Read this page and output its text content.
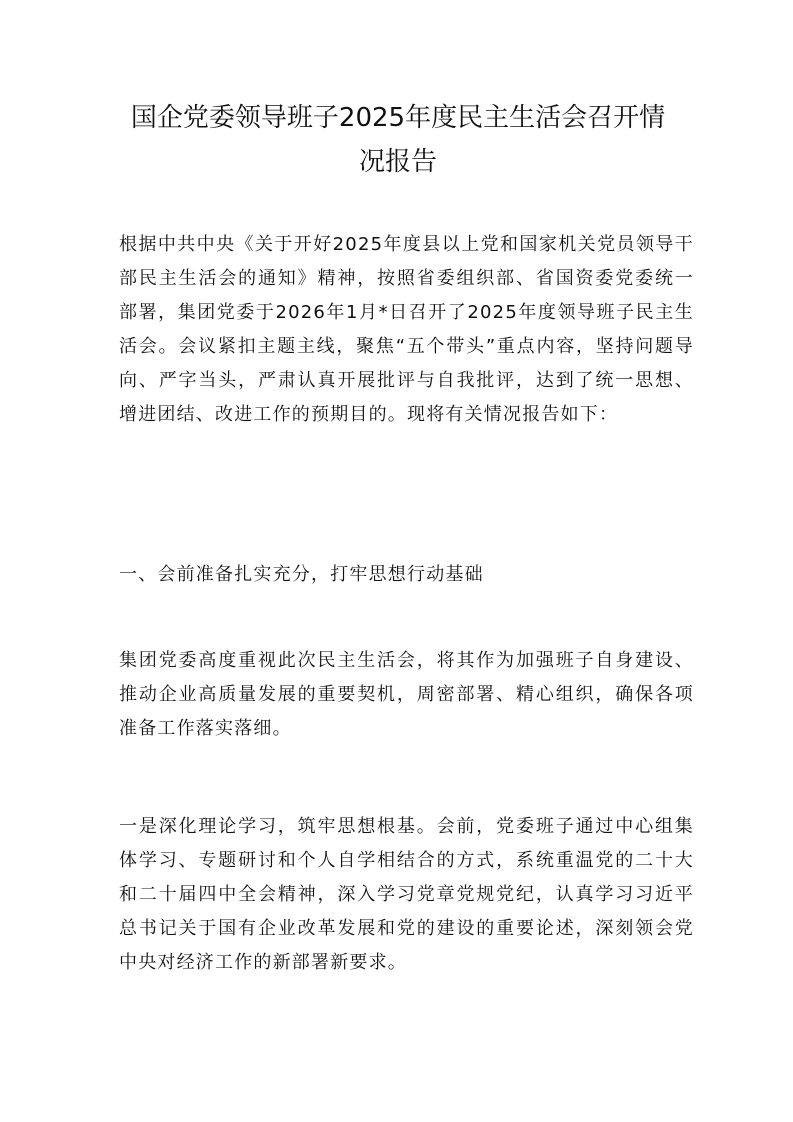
国企党委领导班子2025年度民主生活会召开情况报告

根据中共中央《关于开好2025年度县以上党和国家机关党员领导干部民主生活会的通知》精神，按照省委组织部、省国资委党委统一部署，集团党委于2026年1月*日召开了2025年度领导班子民主生活会。会议紧扣主题主线，聚焦“五个带头”重点内容，坚持问题导向、严字当头，严肃认真开展批评与自我批评，达到了统一思想、增进团结、改进工作的预期目的。现将有关情况报告如下：

一、会前准备扎实充分，打牢思想行动基础

集团党委高度重视此次民主生活会，将其作为加强班子自身建设、推动企业高质量发展的重要契机，周密部署、精心组织，确保各项准备工作落实落细。

一是深化理论学习，筑牢思想根基。会前，党委班子通过中心组集体学习、专题研讨和个人自学相结合的方式，系统重温党的二十大和二十届四中全会精神，深入学习党章党规党纪，认真学习习近平总书记关于国有企业改革发展和党的建设的重要论述，深刻领会党中央对经济工作的新部署新要求。
